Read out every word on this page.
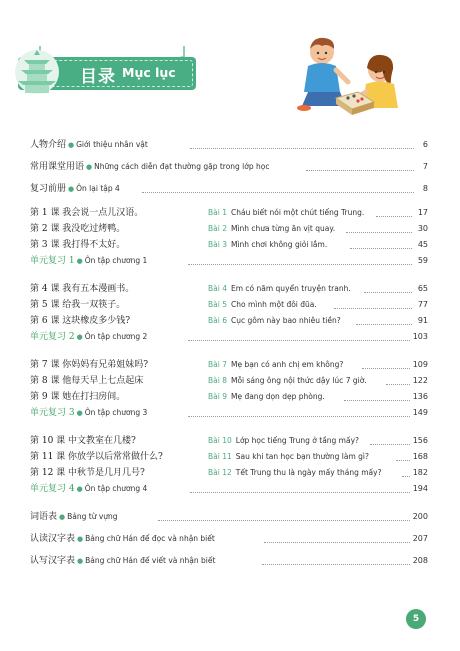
目录 Mục lục
人物介绍 ● Giới thiệu nhân vật	6
常用课堂用语 ● Những cách diễn đạt thường gặp trong lớp học	7
复习前册 ● Ôn lại tập 4	8
第 1 课 我会说一点儿汉语。	Bài 1 Cháu biết nói một chút tiếng Trung.	17
第 2 课 我没吃过烤鸭。	Bài 2 Mình chưa từng ăn vịt quay.	30
第 3 课 我打得不太好。	Bài 3 Mình chơi không giỏi lắm.	45
单元复习 1 ● Ôn tập chương 1	59
第 4 课 我有五本漫画书。	Bài 4 Em có năm quyển truyện tranh.	65
第 5 课 给我一双筷子。	Bài 5 Cho mình một đôi đũa.	77
第 6 课 这块橡皮多少钱?	Bài 6 Cục gôm này bao nhiêu tiền?	91
单元复习 2 ● Ôn tập chương 2	103
第 7 课 你妈妈有兄弟姐妹吗?	Bài 7 Mẹ bạn có anh chị em không?	109
第 8 课 他每天早上七点起床	Bài 8 Mỗi sáng ông nội thức dậy lúc 7 giờ.	122
第 9 课 她在打扫房间。	Bài 9 Mẹ đang dọn dẹp phòng.	136
单元复习 3 ● Ôn tập chương 3	149
第 10 课 中文教室在几楼?	Bài 10 Lớp học tiếng Trung ở tầng mấy?	156
第 11 课 你放学以后常常做什么?	Bài 11 Sau khi tan học bạn thường làm gì?	168
第 12 课 中秋节是几月几号?	Bài 12 Tết Trung thu là ngày mấy tháng mấy?	182
单元复习 4 ● Ôn tập chương 4	194
词语表 ● Bảng từ vựng	200
认读汉字表 ● Bảng chữ Hán để đọc và nhận biết	207
认写汉字表 ● Bảng chữ Hán để viết và nhận biết	208
5
